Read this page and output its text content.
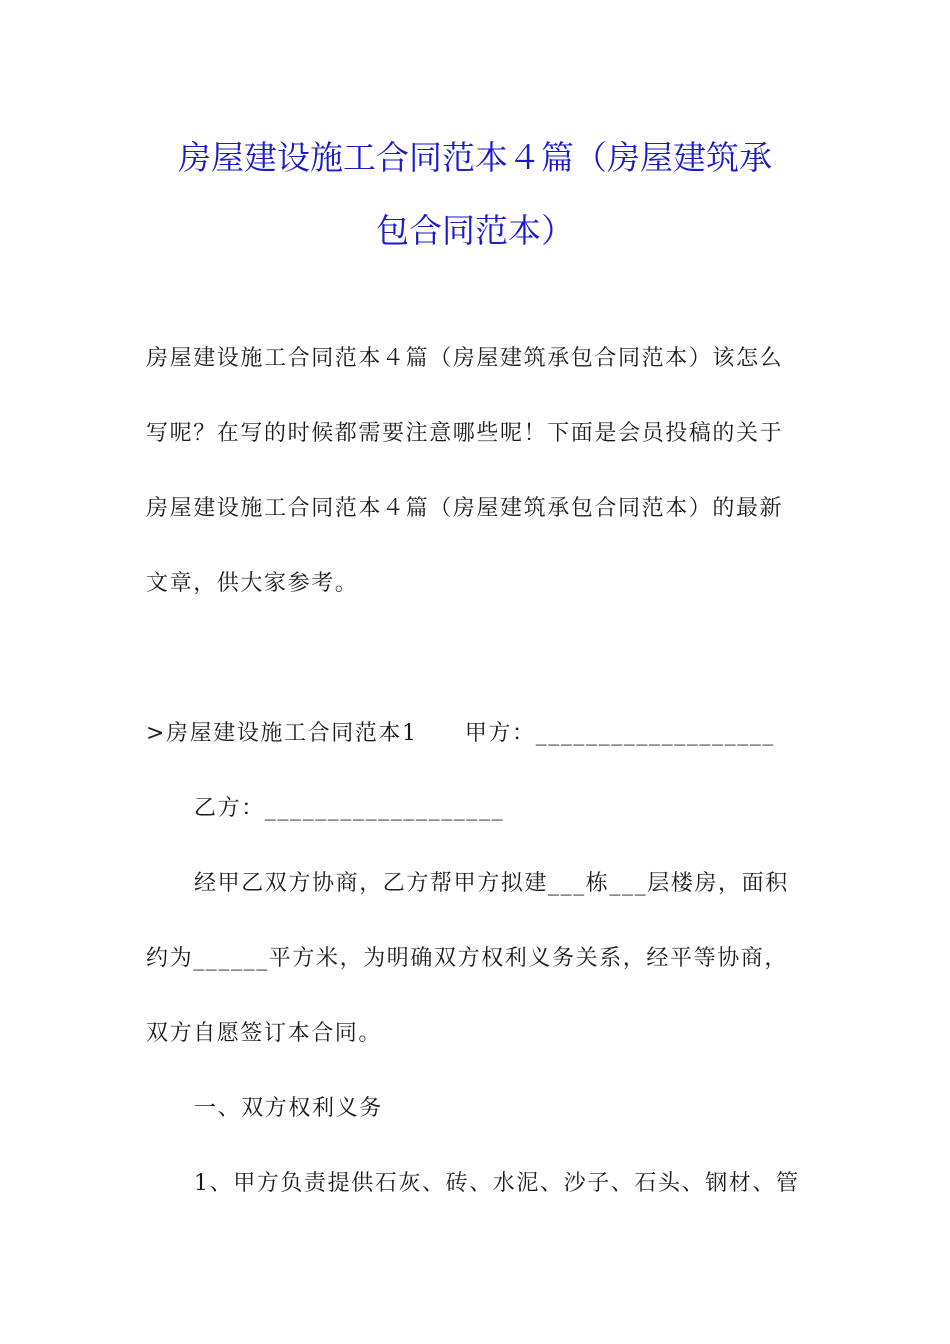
房屋建设施工合同范本４篇（房屋建筑承
包合同范本）
房屋建设施工合同范本４篇（房屋建筑承包合同范本）该怎么
写呢？在写的时候都需要注意哪些呢！下面是会员投稿的关于
房屋建设施工合同范本４篇（房屋建筑承包合同范本）的最新
文章，供大家参考。
>房屋建设施工合同范本1　　甲方：___________________
乙方：___________________
经甲乙双方协商，乙方帮甲方拟建___栋___层楼房，面积
约为______平方米，为明确双方权利义务关系，经平等协商，
双方自愿签订本合同。
一、双方权利义务
1、甲方负责提供石灰、砖、水泥、沙子、石头、钢材、管
